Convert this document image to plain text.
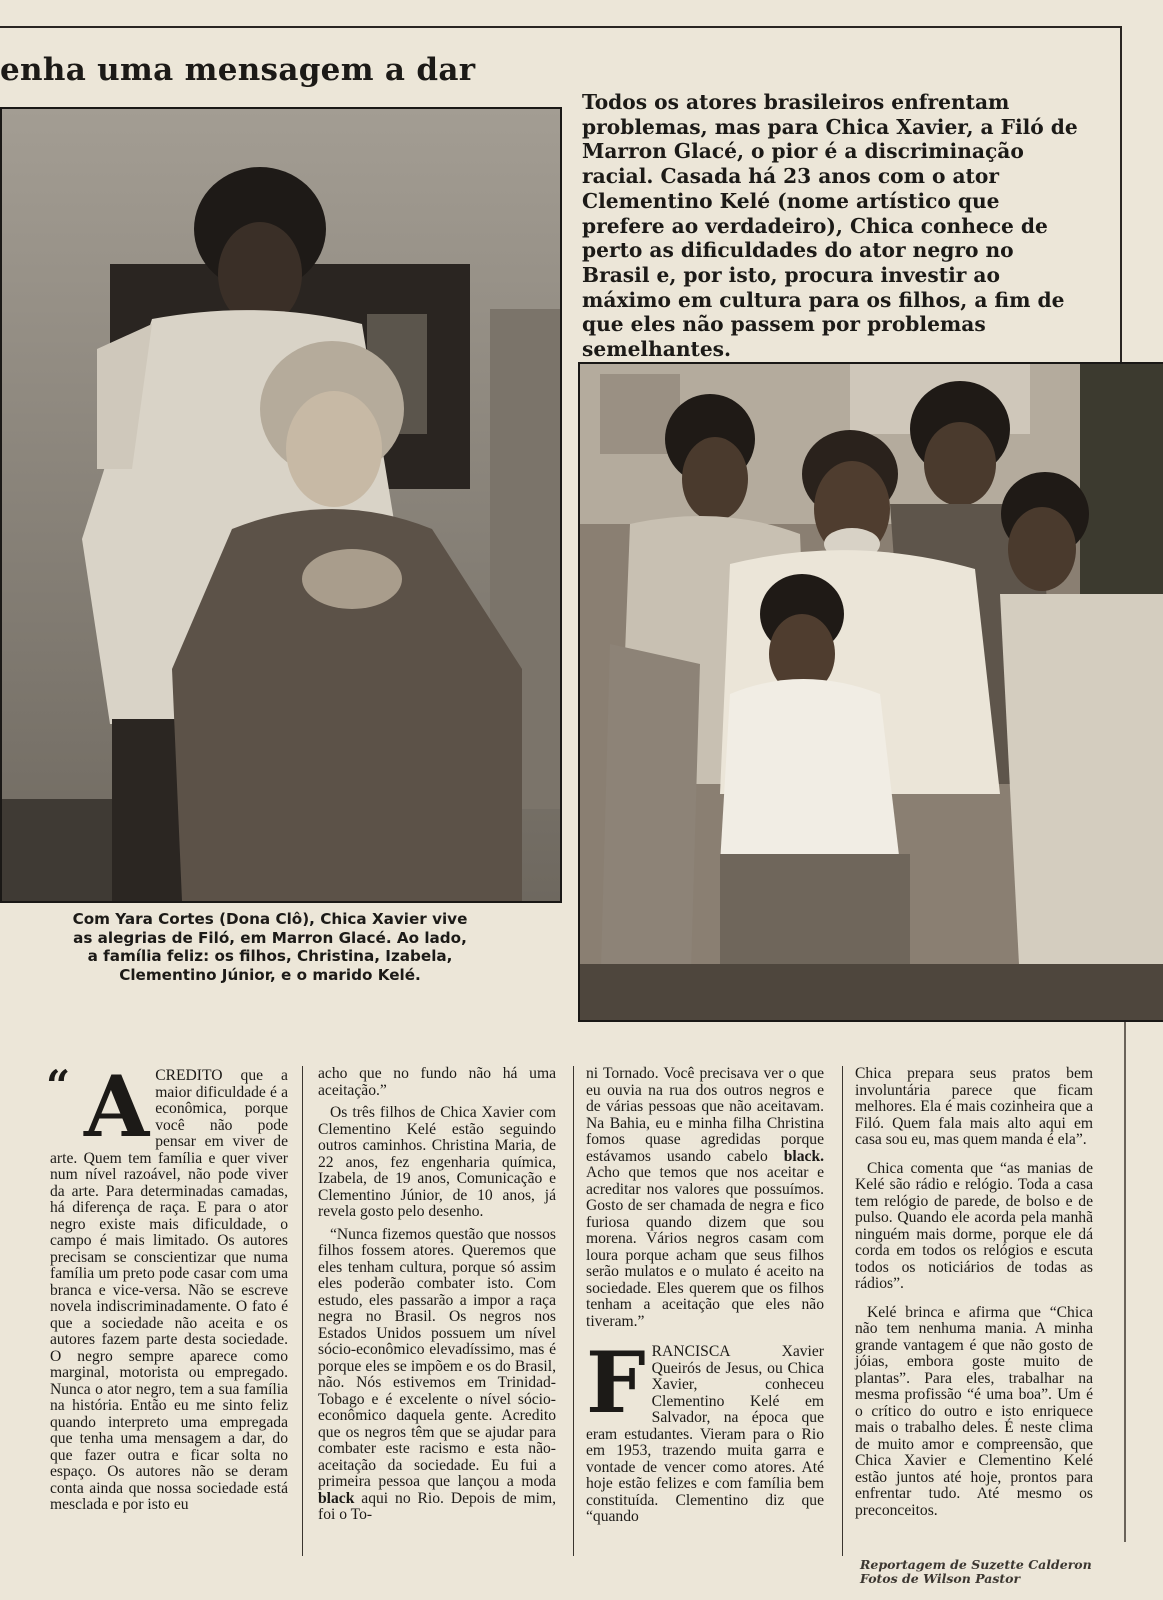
enha uma mensagem a dar

Todos os atores brasileiros enfrentam problemas, mas para Chica Xavier, a Filó de Marron Glacé, o pior é a discriminação racial. Casada há 23 anos com o ator Clementino Kelé (nome artístico que prefere ao verdadeiro), Chica conhece de perto as dificuldades do ator negro no Brasil e, por isto, procura investir ao máximo em cultura para os filhos, a fim de que eles não passem por problemas semelhantes.

Com Yara Cortes (Dona Clô), Chica Xavier vive as alegrias de Filó, em Marron Glacé. Ao lado, a família feliz: os filhos, Christina, Izabela, Clementino Júnior, e o marido Kelé.

“ ACREDITO que a maior dificuldade é a econômica, porque você não pode pensar em viver de arte. Quem tem família e quer viver num nível razoável, não pode viver da arte. Para determinadas camadas, há diferença de raça. E para o ator negro existe mais dificuldade, o campo é mais limitado. Os autores precisam se conscientizar que numa família um preto pode casar com uma branca e vice-versa. Não se escreve novela indiscriminadamente. O fato é que a sociedade não aceita e os autores fazem parte desta sociedade. O negro sempre aparece como marginal, motorista ou empregado. Nunca o ator negro, tem a sua família na história. Então eu me sinto feliz quando interpreto uma empregada que tenha uma mensagem a dar, do que fazer outra e ficar solta no espaço. Os autores não se deram conta ainda que nossa sociedade está mesclada e por isto eu

acho que no fundo não há uma aceitação.”

Os três filhos de Chica Xavier com Clementino Kelé estão seguindo outros caminhos. Christina Maria, de 22 anos, fez engenharia química, Izabela, de 19 anos, Comunicação e Clementino Júnior, de 10 anos, já revela gosto pelo desenho.

“Nunca fizemos questão que nossos filhos fossem atores. Queremos que eles tenham cultura, porque só assim eles poderão combater isto. Com estudo, eles passarão a impor a raça negra no Brasil. Os negros nos Estados Unidos possuem um nível sócio-econômico elevadíssimo, mas é porque eles se impõem e os do Brasil, não. Nós estivemos em Trinidad-Tobago e é excelente o nível sócio-econômico daquela gente. Acredito que os negros têm que se ajudar para combater este racismo e esta não-aceitação da sociedade. Eu fui a primeira pessoa que lançou a moda black aqui no Rio. Depois de mim, foi o To-

ni Tornado. Você precisava ver o que eu ouvia na rua dos outros negros e de várias pessoas que não aceitavam. Na Bahia, eu e minha filha Christina fomos quase agredidas porque estávamos usando cabelo black. Acho que temos que nos aceitar e acreditar nos valores que possuímos. Gosto de ser chamada de negra e fico furiosa quando dizem que sou morena. Vários negros casam com loura porque acham que seus filhos serão mulatos e o mulato é aceito na sociedade. Eles querem que os filhos tenham a aceitação que eles não tiveram.”

FRANCISCA	Xavier Queirós de Jesus, ou Chica Xavier, conheceu Clementino Kelé em Salvador, na época que eram estudantes. Vieram para o Rio em 1953, trazendo muita garra e vontade de vencer como atores. Até hoje estão felizes e com família bem constituída. Clementino diz que “quando

Chica prepara seus pratos bem involuntária parece que ficam melhores. Ela é mais cozinheira que a Filó. Quem fala mais alto aqui em casa sou eu, mas quem manda é ela”.

Chica comenta que “as manias de Kelé são rádio e relógio. Toda a casa tem relógio de parede, de bolso e de pulso. Quando ele acorda pela manhã ninguém mais dorme, porque ele dá corda em todos os relógios e escuta todos os noticiários de todas as rádios”.

Kelé brinca e afirma que “Chica não tem nenhuma mania. A minha grande vantagem é que não gosto de jóias, embora goste muito de plantas”. Para eles, trabalhar na mesma profissão “é uma boa”. Um é o crítico do outro e isto enriquece mais o trabalho deles. É neste clima de muito amor e compreensão, que Chica Xavier e Clementino Kelé estão juntos até hoje, prontos para enfrentar tudo. Até mesmo os preconceitos.

Reportagem de Suzette Calderon
Fotos de Wilson Pastor
